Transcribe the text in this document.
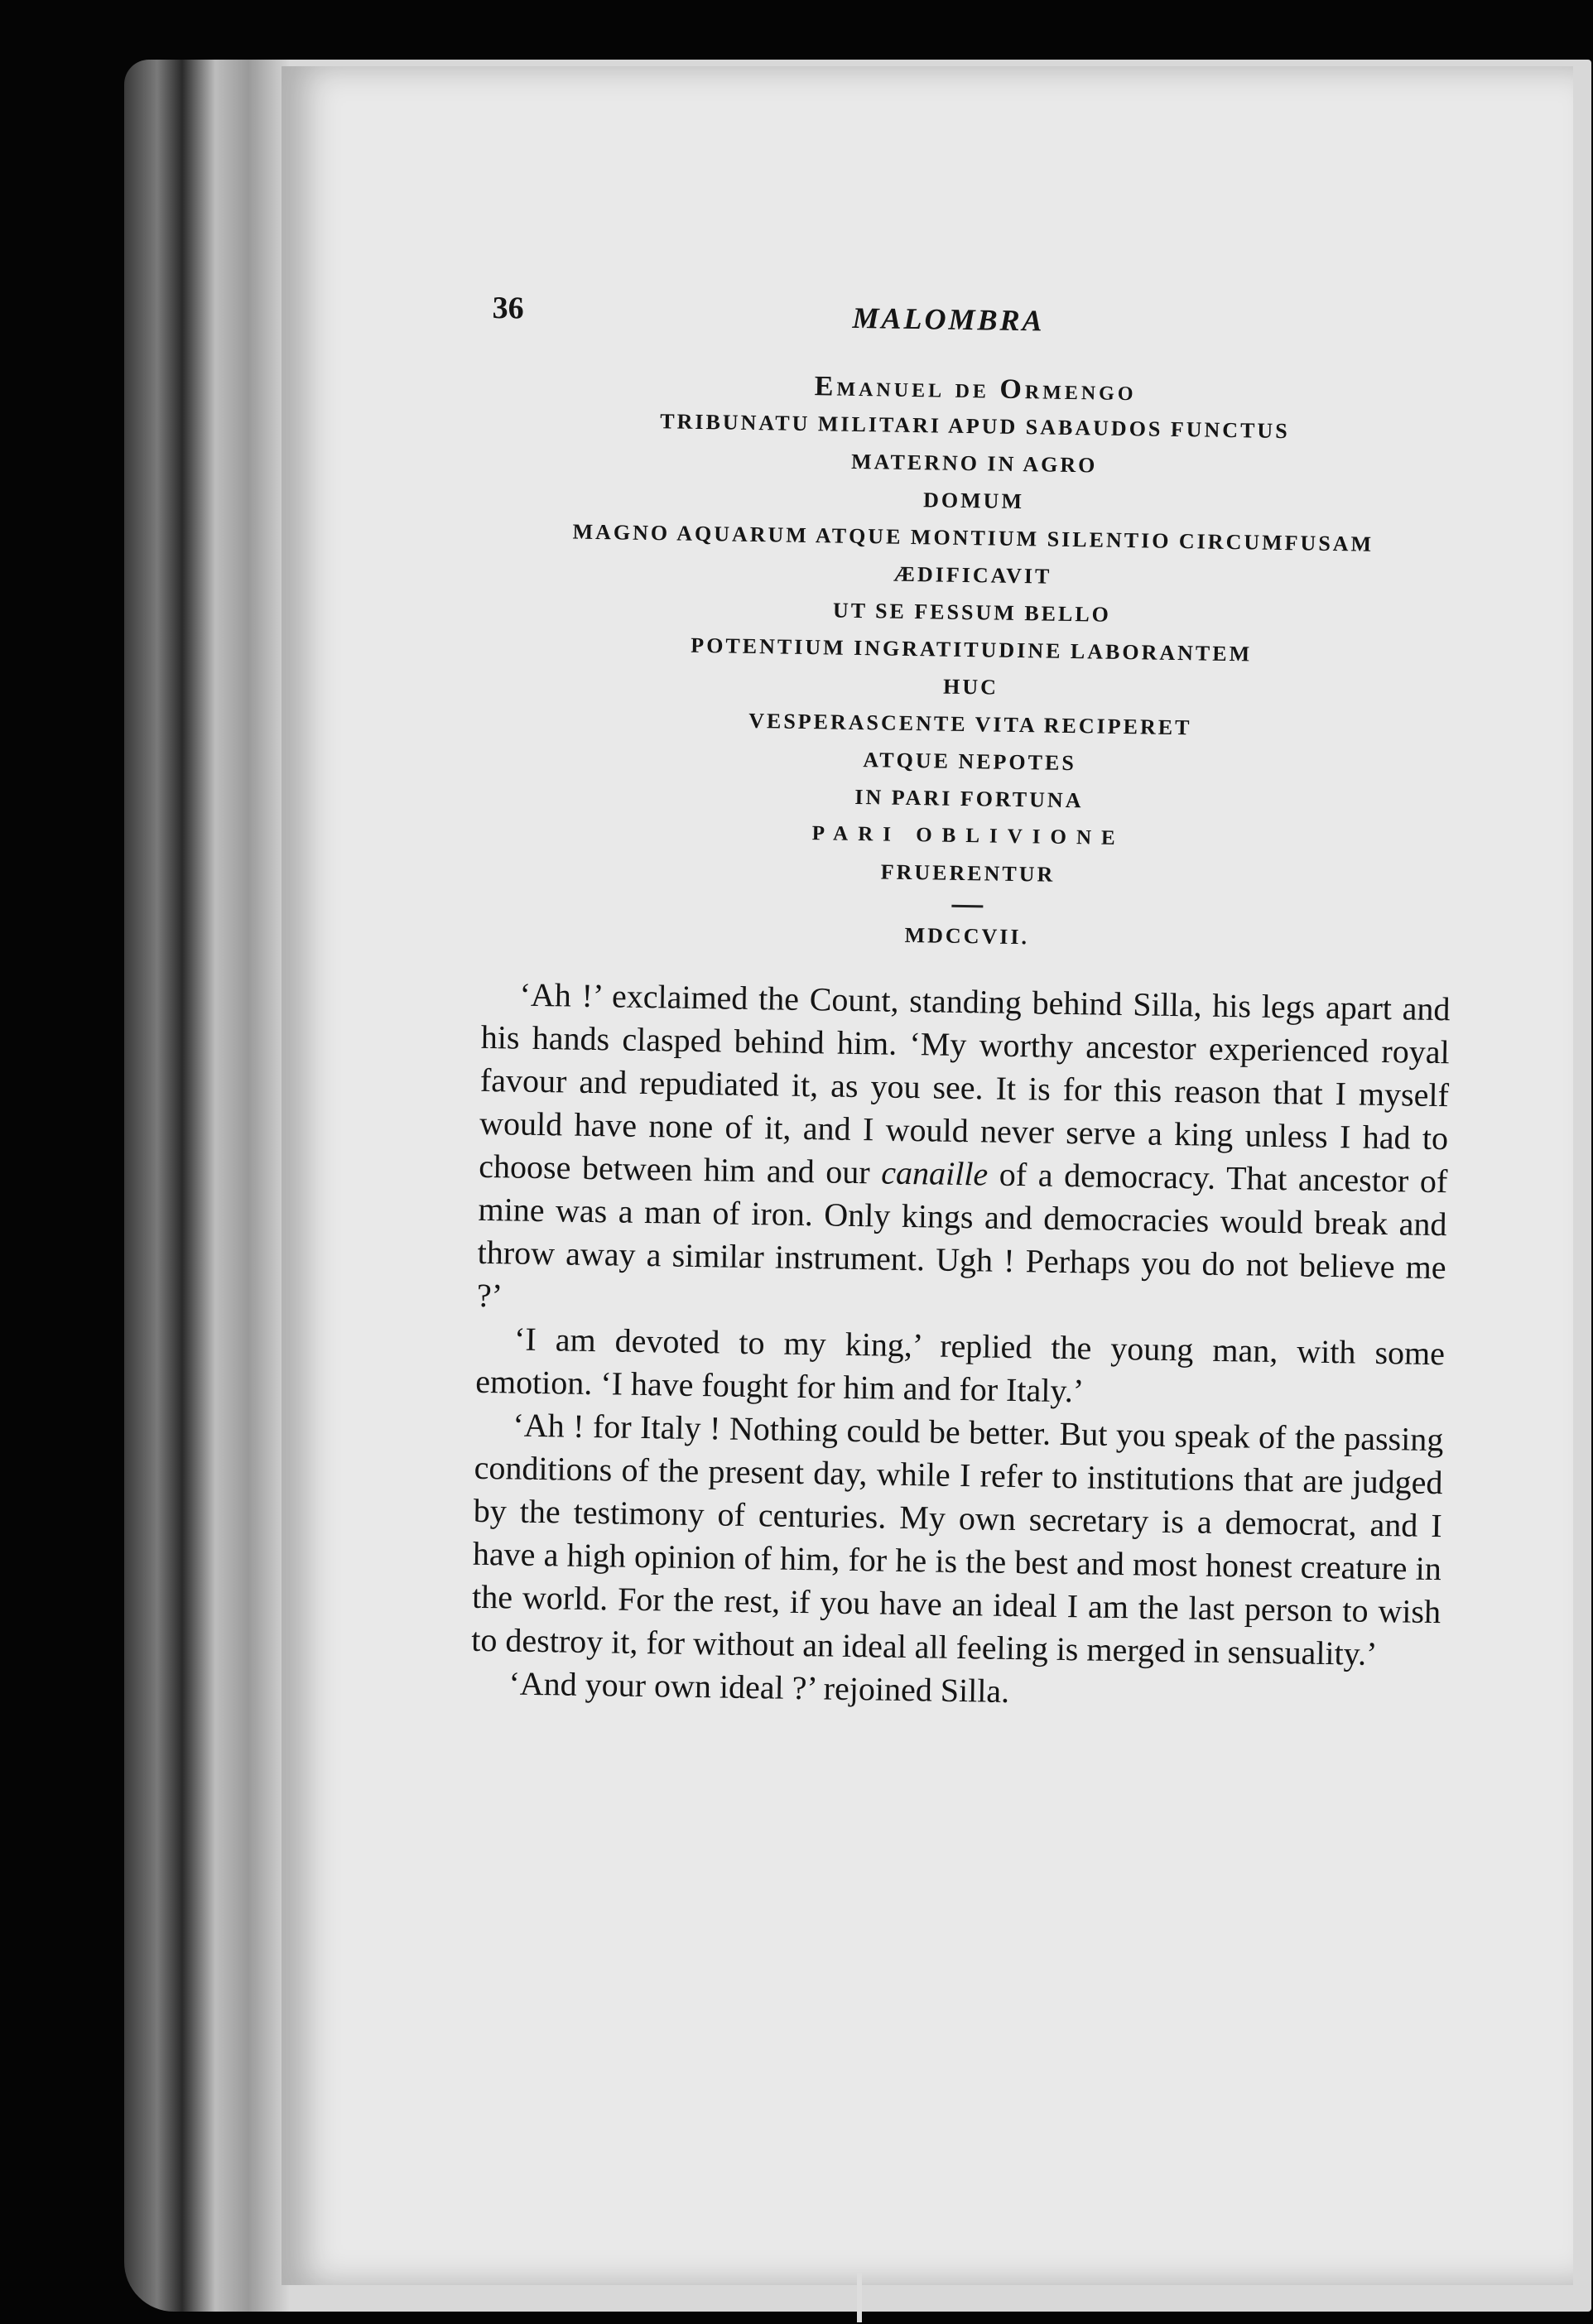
36	MALOMBRA
Emanuel de Ormengo
TRIBUNATU MILITARI APUD SABAUDOS FUNCTUS
MATERNO IN AGRO
DOMUM
MAGNO AQUARUM ATQUE MONTIUM SILENTIO CIRCUMFUSAM
ÆDIFICAVIT
UT SE FESSUM BELLO
POTENTIUM INGRATITUDINE LABORANTEM
HUC
VESPERASCENTE VITA RECIPERET
ATQUE NEPOTES
IN PARI FORTUNA
PARI OBLIVIONE
FRUERENTUR
MDCCVII.

‘Ah !’ exclaimed the Count, standing behind Silla, his legs apart and his hands clasped behind him. ‘My worthy ancestor experienced royal favour and repudiated it, as you see. It is for this reason that I myself would have none of it, and I would never serve a king unless I had to choose between him and our canaille of a democracy. That ancestor of mine was a man of iron. Only kings and democracies would break and throw away a similar instrument. Ugh ! Perhaps you do not believe me ?’

‘I am devoted to my king,’ replied the young man, with some emotion. ‘I have fought for him and for Italy.’

‘Ah ! for Italy ! Nothing could be better. But you speak of the passing conditions of the present day, while I refer to institutions that are judged by the testimony of centuries. My own secretary is a democrat, and I have a high opinion of him, for he is the best and most honest creature in the world. For the rest, if you have an ideal I am the last person to wish to destroy it, for without an ideal all feeling is merged in sensuality.’

‘And your own ideal ?’ rejoined Silla.
